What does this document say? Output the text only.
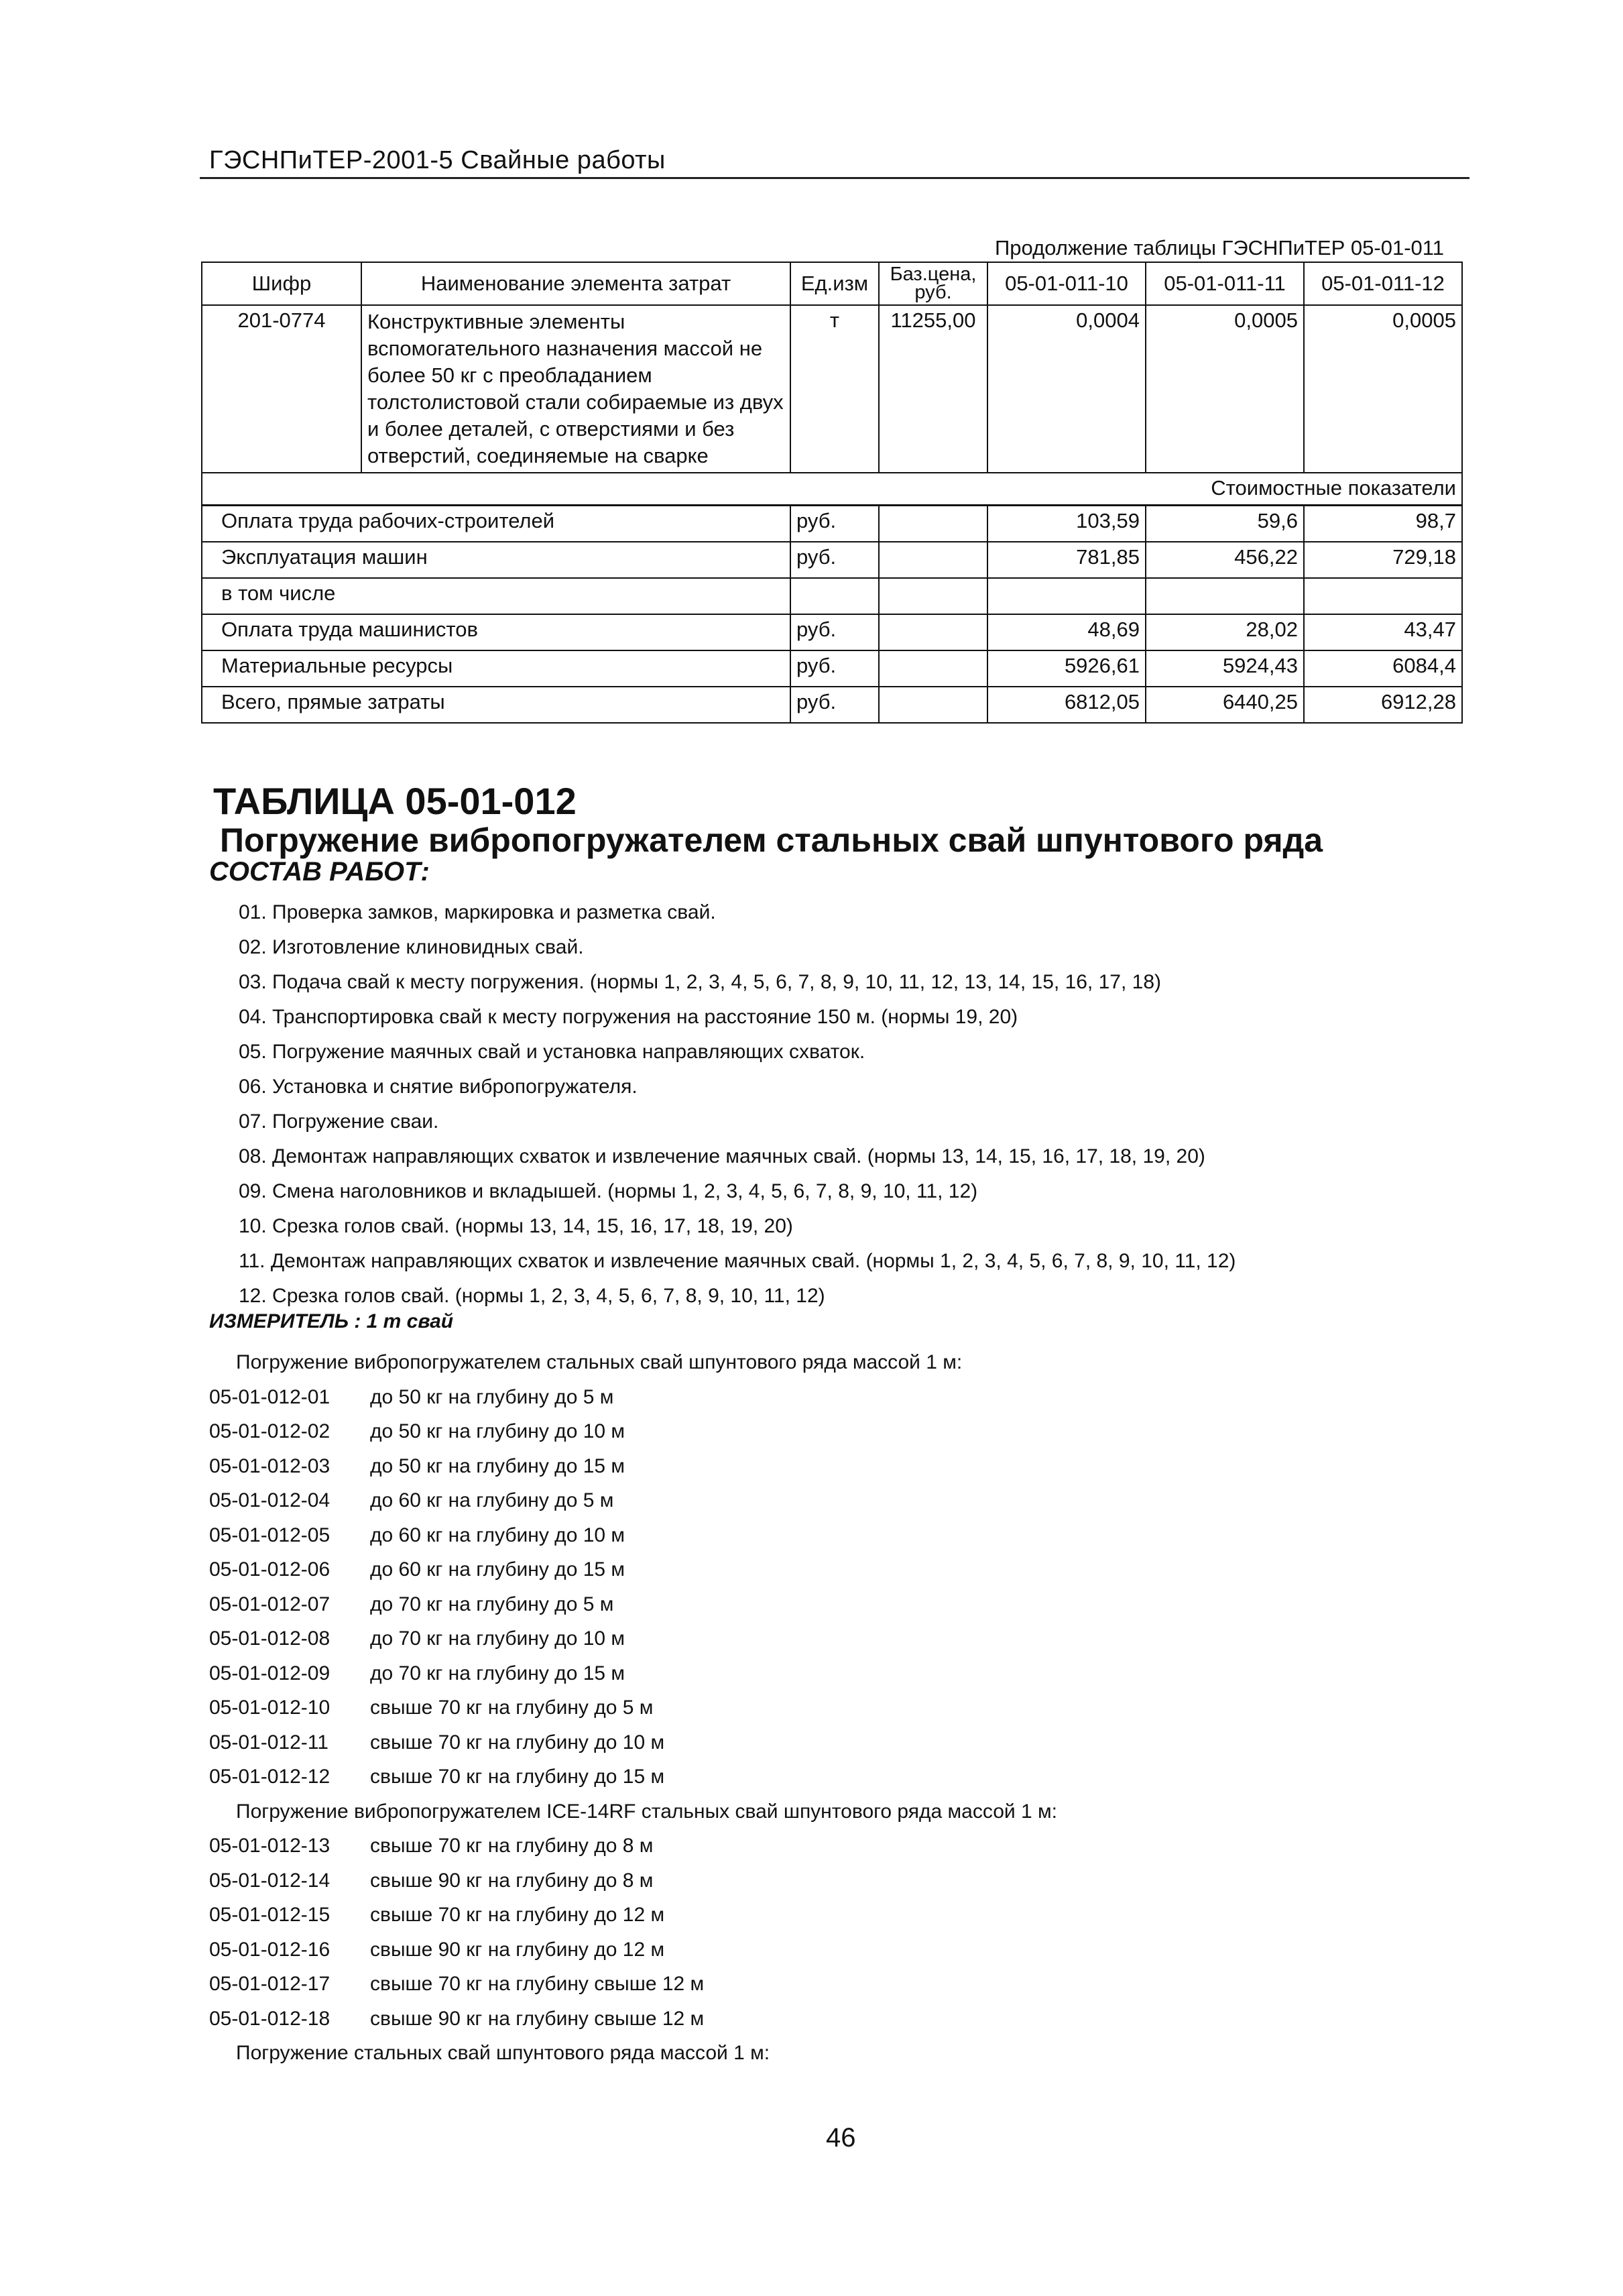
ГЭСНПиТЕР-2001-5 Свайные работы
Продолжение таблицы ГЭСНПиТЕР 05-01-011
Шифр	Наименование элемента затрат	Ед.изм	Баз.цена, руб.	05-01-011-10	05-01-011-11	05-01-011-12
201-0774	Конструктивные элементы вспомогательного назначения массой не более 50 кг с преобладанием толстолистовой стали собираемые из двух и более деталей, с отверстиями и без отверстий, соединяемые на сварке	т	11255,00	0,0004	0,0005	0,0005
Стоимостные показатели						
Оплата труда рабочих-строителей		руб.		103,59	59,6	98,7
Эксплуатация машин		руб.		781,85	456,22	729,18
в том числе						
Оплата труда машинистов		руб.		48,69	28,02	43,47
Материальные ресурсы		руб.		5926,61	5924,43	6084,4
Всего, прямые затраты		руб.		6812,05	6440,25	6912,28
ТАБЛИЦА 05-01-012
Погружение вибропогружателем стальных свай шпунтового ряда
СОСТАВ РАБОТ:
01. Проверка замков, маркировка и разметка свай.
02. Изготовление клиновидных свай.
03. Подача свай к месту погружения. (нормы 1, 2, 3, 4, 5, 6, 7, 8, 9, 10, 11, 12, 13, 14, 15, 16, 17, 18)
04. Транспортировка свай к месту погружения на расстояние 150 м. (нормы 19, 20)
05. Погружение маячных свай и установка направляющих схваток.
06. Установка и снятие вибропогружателя.
07. Погружение сваи.
08. Демонтаж направляющих схваток и извлечение маячных свай. (нормы 13, 14, 15, 16, 17, 18, 19, 20)
09. Смена наголовников и вкладышей. (нормы 1, 2, 3, 4, 5, 6, 7, 8, 9, 10, 11, 12)
10. Срезка голов свай. (нормы 13, 14, 15, 16, 17, 18, 19, 20)
11. Демонтаж направляющих схваток и извлечение маячных свай. (нормы 1, 2, 3, 4, 5, 6, 7, 8, 9, 10, 11, 12)
12. Срезка голов свай. (нормы 1, 2, 3, 4, 5, 6, 7, 8, 9, 10, 11, 12)
ИЗМЕРИТЕЛЬ : 1 т свай
Погружение вибропогружателем стальных свай шпунтового ряда массой 1 м:
05-01-012-01	до 50 кг на глубину до 5 м
05-01-012-02	до 50 кг на глубину до 10 м
05-01-012-03	до 50 кг на глубину до 15 м
05-01-012-04	до 60 кг на глубину до 5 м
05-01-012-05	до 60 кг на глубину до 10 м
05-01-012-06	до 60 кг на глубину до 15 м
05-01-012-07	до 70 кг на глубину до 5 м
05-01-012-08	до 70 кг на глубину до 10 м
05-01-012-09	до 70 кг на глубину до 15 м
05-01-012-10	свыше 70 кг на глубину до 5 м
05-01-012-11	свыше 70 кг на глубину до 10 м
05-01-012-12	свыше 70 кг на глубину до 15 м
Погружение вибропогружателем ICE-14RF стальных свай шпунтового ряда массой 1 м:
05-01-012-13	свыше 70 кг на глубину до 8 м
05-01-012-14	свыше 90 кг на глубину до 8 м
05-01-012-15	свыше 70 кг на глубину до 12 м
05-01-012-16	свыше 90 кг на глубину до 12 м
05-01-012-17	свыше 70 кг на глубину свыше 12 м
05-01-012-18	свыше 90 кг на глубину свыше 12 м
Погружение стальных свай шпунтового ряда массой 1 м:
46
